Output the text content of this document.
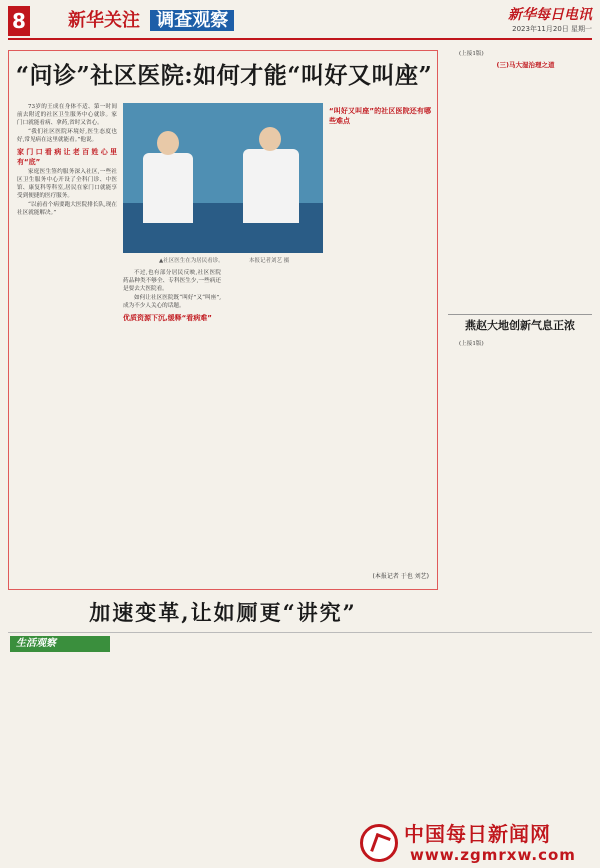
8 新华关注 调查观察	新华每日电讯
2023年11月20日 星期一
“问诊”社区医院:如何才能“叫好又叫座”

73岁的王成在身体不适、第一时间前去附近的社区卫生服务中心就诊。家门口就能看病、拿药,省时又省心。

“我们社区医院环境好,医生态度也好,常见病在这里就能看。”他说。

家门口看病让老百姓心里有“底”

家庭医生签约服务深入社区,一些社区卫生服务中心开设了全科门诊、中医馆、康复科等科室,居民在家门口就能享受到便捷的医疗服务。

“以前看个病要跑大医院排长队,现在社区就能解决。”

▲社区医生在为居民看诊。	本报记者刘艺 摄

不过,也有部分居民反映,社区医院药品种类不够全、专科医生少,一些病还是要去大医院看。

如何让社区医院既“叫好”又“叫座”,成为不少人关心的话题。

优质资源下沉,缓释“看病难”

“叫好又叫座”的社区医院还有哪些难点

(本报记者 于也 刘艺)

(上接1版)

(三)马大湿治理之道

燕赵大地创新气息正浓

(上接1版)

加速变革,让如厕更“讲究”
生活观察
中国每日新闻网
www.zgmrxw.com
